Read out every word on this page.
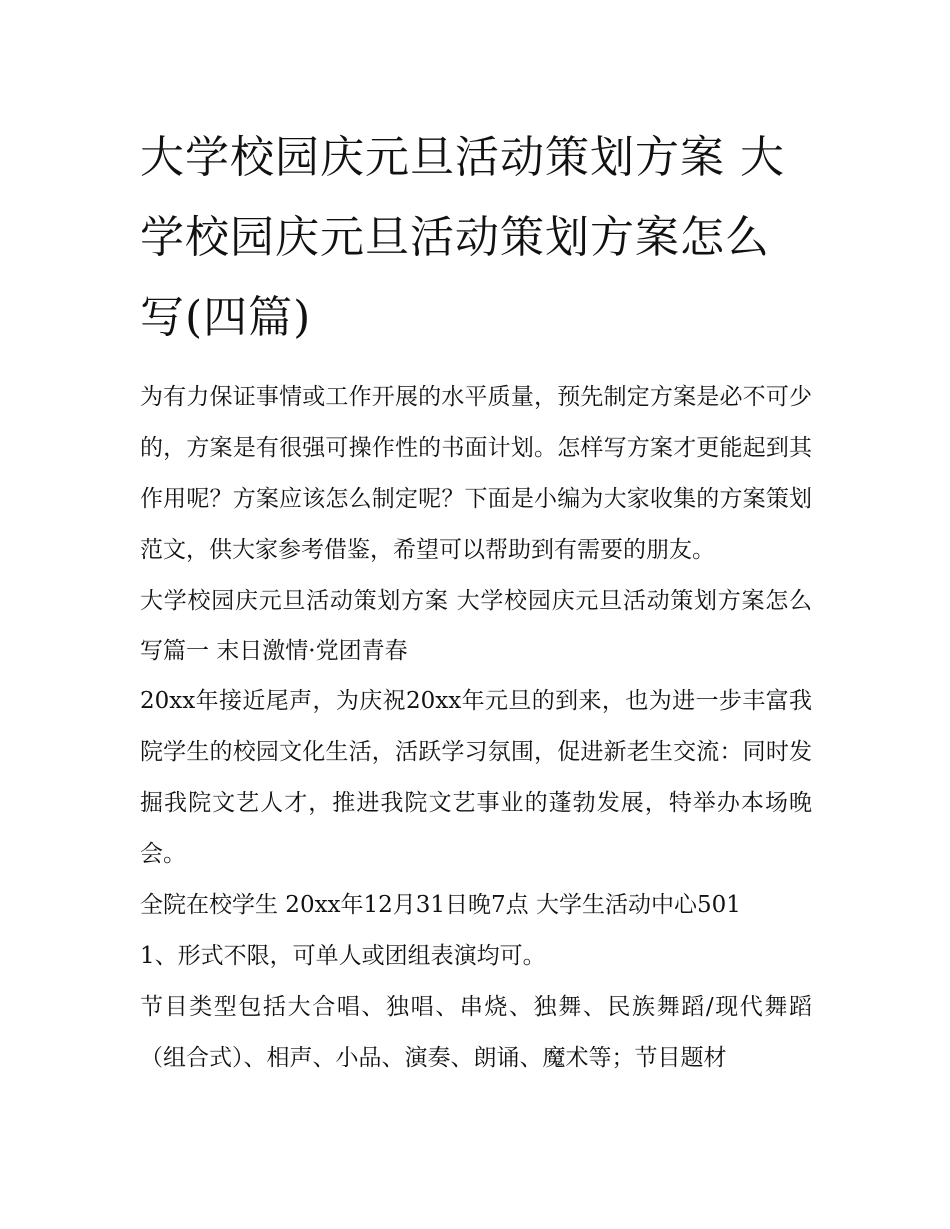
大学校园庆元旦活动策划方案 大学校园庆元旦活动策划方案怎么写(四篇)

为有力保证事情或工作开展的水平质量，预先制定方案是必不可少的，方案是有很强可操作性的书面计划。怎样写方案才更能起到其作用呢？方案应该怎么制定呢？下面是小编为大家收集的方案策划范文，供大家参考借鉴，希望可以帮助到有需要的朋友。

大学校园庆元旦活动策划方案 大学校园庆元旦活动策划方案怎么写篇一 末日激情·党团青春

20xx年接近尾声，为庆祝20xx年元旦的到来，也为进一步丰富我院学生的校园文化生活，活跃学习氛围，促进新老生交流：同时发掘我院文艺人才，推进我院文艺事业的蓬勃发展，特举办本场晚会。

全院在校学生 20xx年12月31日晚7点 大学生活动中心501

1、形式不限，可单人或团组表演均可。

节目类型包括大合唱、独唱、串烧、独舞、民族舞蹈/现代舞蹈（组合式）、相声、小品、演奏、朗诵、魔术等；节目题材
